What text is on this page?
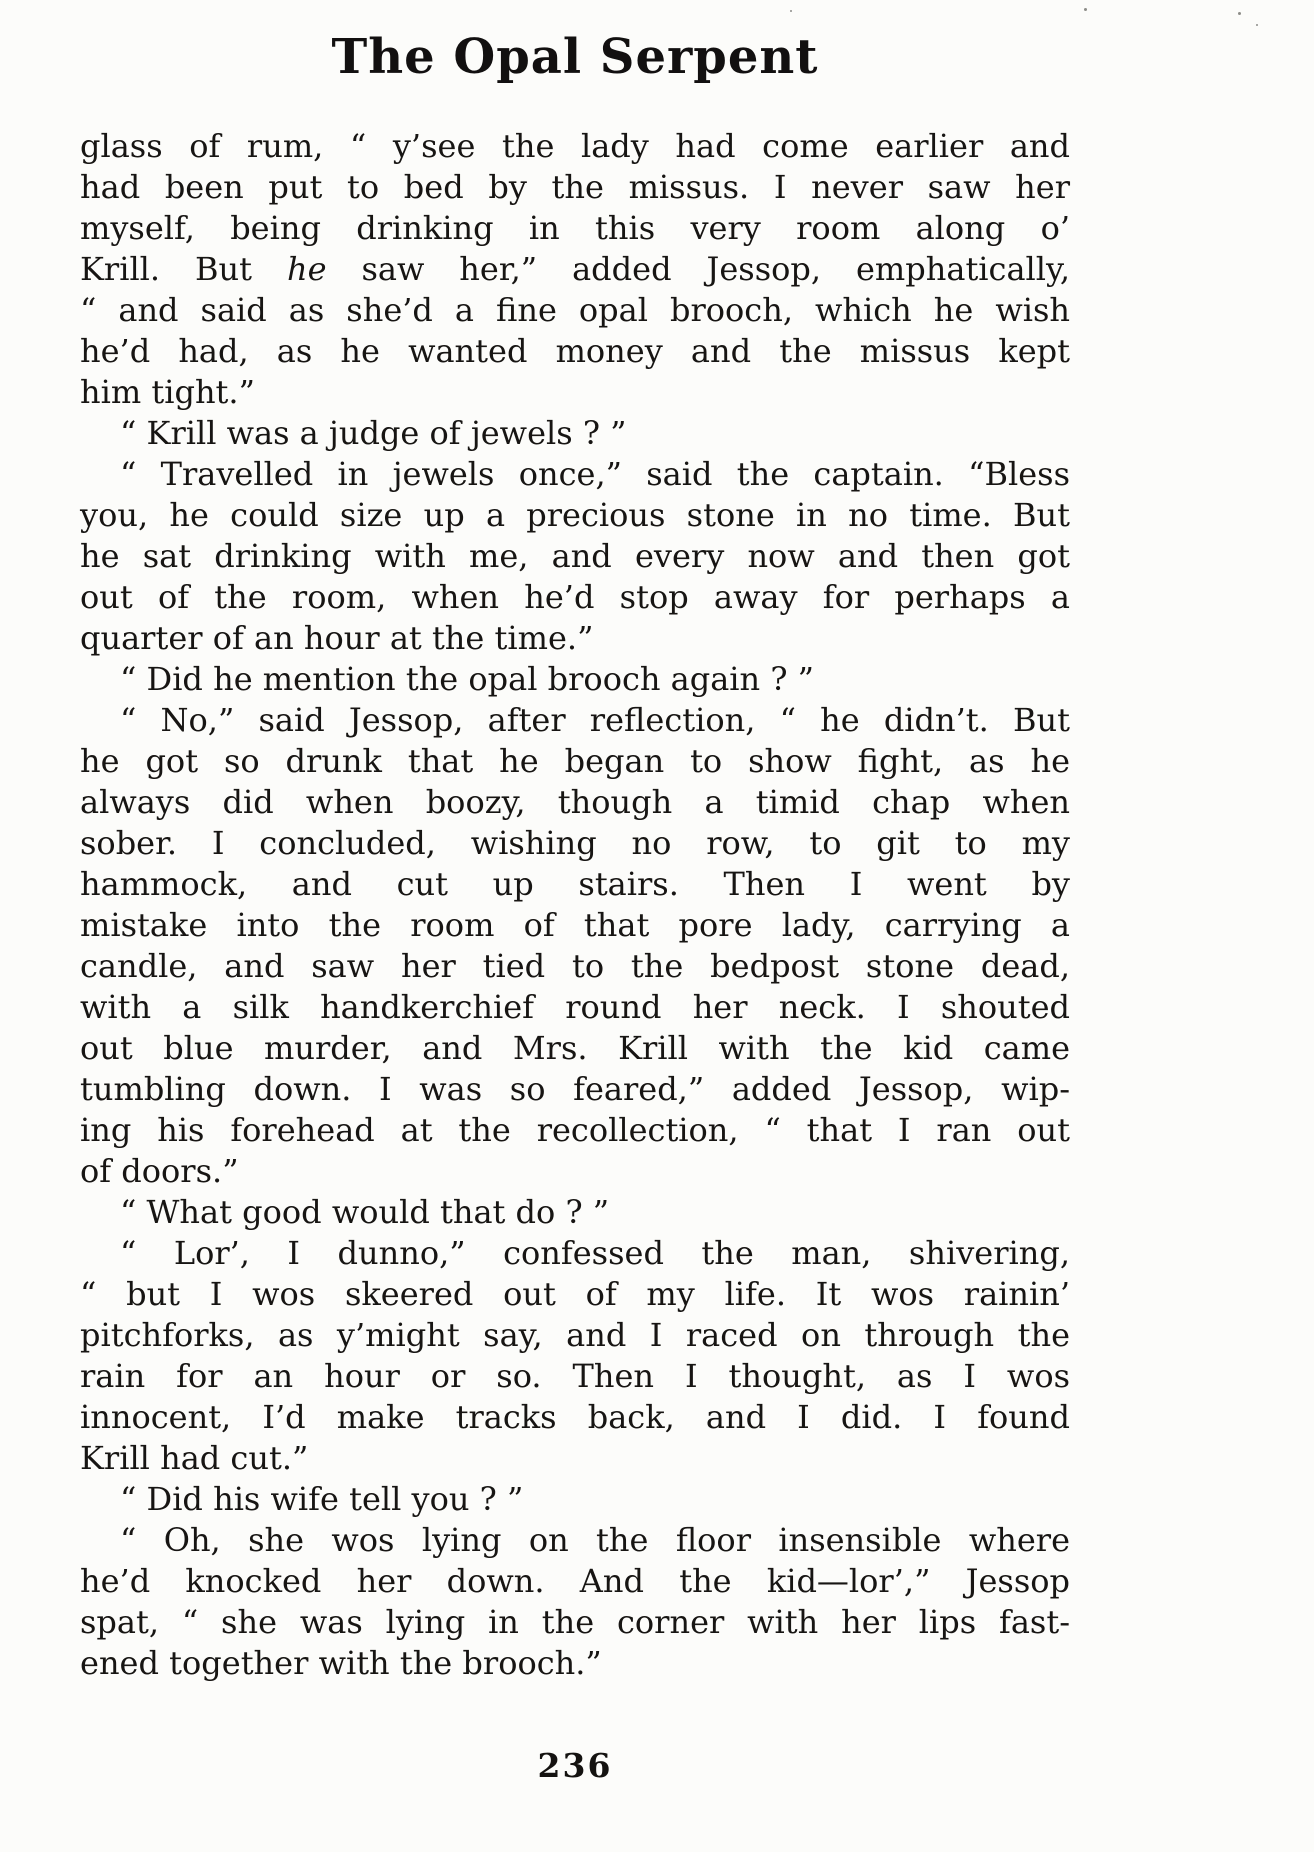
The Opal Serpent
glass of rum, “ y’see the lady had come earlier and
had been put to bed by the missus. I never saw her
myself, being drinking in this very room along o’
Krill. But he saw her,” added Jessop, emphatically,
“ and said as she’d a fine opal brooch, which he wish
he’d had, as he wanted money and the missus kept
him tight.”
“ Krill was a judge of jewels ? ”
“ Travelled in jewels once,” said the captain. “Bless
you, he could size up a precious stone in no time. But
he sat drinking with me, and every now and then got
out of the room, when he’d stop away for perhaps a
quarter of an hour at the time.”
“ Did he mention the opal brooch again ? ”
“ No,” said Jessop, after reflection, “ he didn’t. But
he got so drunk that he began to show fight, as he
always did when boozy, though a timid chap when
sober. I concluded, wishing no row, to git to my
hammock, and cut up stairs. Then I went by
mistake into the room of that pore lady, carrying a
candle, and saw her tied to the bedpost stone dead,
with a silk handkerchief round her neck. I shouted
out blue murder, and Mrs. Krill with the kid came
tumbling down. I was so feared,” added Jessop, wip-
ing his forehead at the recollection, “ that I ran out
of doors.”
“ What good would that do ? ”
“ Lor’, I dunno,” confessed the man, shivering,
“ but I wos skeered out of my life. It wos rainin’
pitchforks, as y’might say, and I raced on through the
rain for an hour or so. Then I thought, as I wos
innocent, I’d make tracks back, and I did. I found
Krill had cut.”
“ Did his wife tell you ? ”
“ Oh, she wos lying on the floor insensible where
he’d knocked her down. And the kid—lor’,” Jessop
spat, “ she was lying in the corner with her lips fast-
ened together with the brooch.”
236
